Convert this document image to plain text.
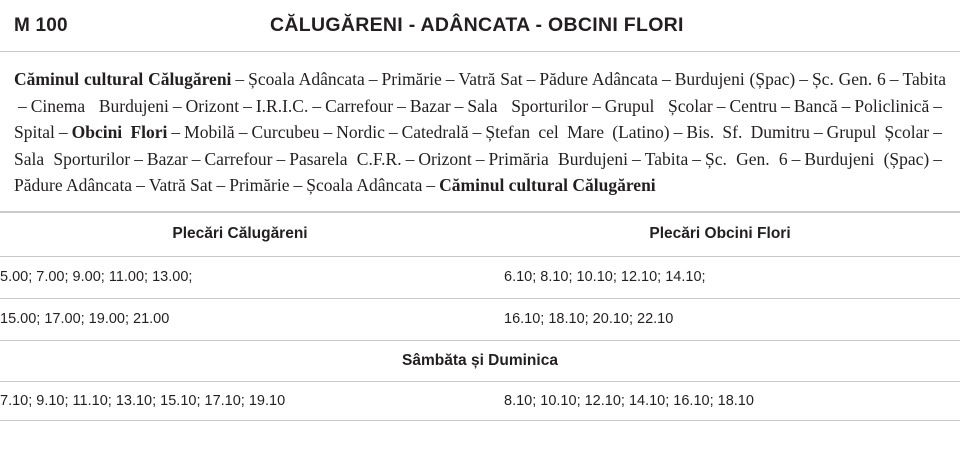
M 100	CĂLUGĂRENI - ADÂNCATA - OBCINI FLORI
Căminul cultural Călugăreni – Școala Adâncata – Primărie – Vatră Sat – Pădure Adâncata – Burdujeni (Șpac) – Șc. Gen. 6 – Tabita– Cinema Burdujeni – Orizont – I.R.I.C. – Carrefour – Bazar – Sala Sporturilor – Grupul Școlar – Centru – Bancă – Policlinică –Spital – Obcini Flori – Mobilă – Curcubeu – Nordic – Catedrală – Ștefan cel Mare (Latino) – Bis. Sf. Dumitru – Grupul Școlar –Sala Sporturilor – Bazar – Carrefour – Pasarela C.F.R. – Orizont – Primăria Burdujeni – Tabita – Șc. Gen. 6 – Burdujeni (Șpac) –Pădure Adâncata – Vatră Sat – Primărie – Școala Adâncata – Căminul cultural Călugăreni
Plecări Călugăreni	Plecări Obcini Flori
5.00; 7.00; 9.00; 11.00; 13.00;	6.10; 8.10; 10.10; 12.10; 14.10;
15.00; 17.00; 19.00; 21.00	16.10; 18.10; 20.10; 22.10
Sâmbăta și Duminica	
7.10; 9.10; 11.10; 13.10; 15.10; 17.10; 19.10	8.10; 10.10; 12.10; 14.10; 16.10; 18.10
